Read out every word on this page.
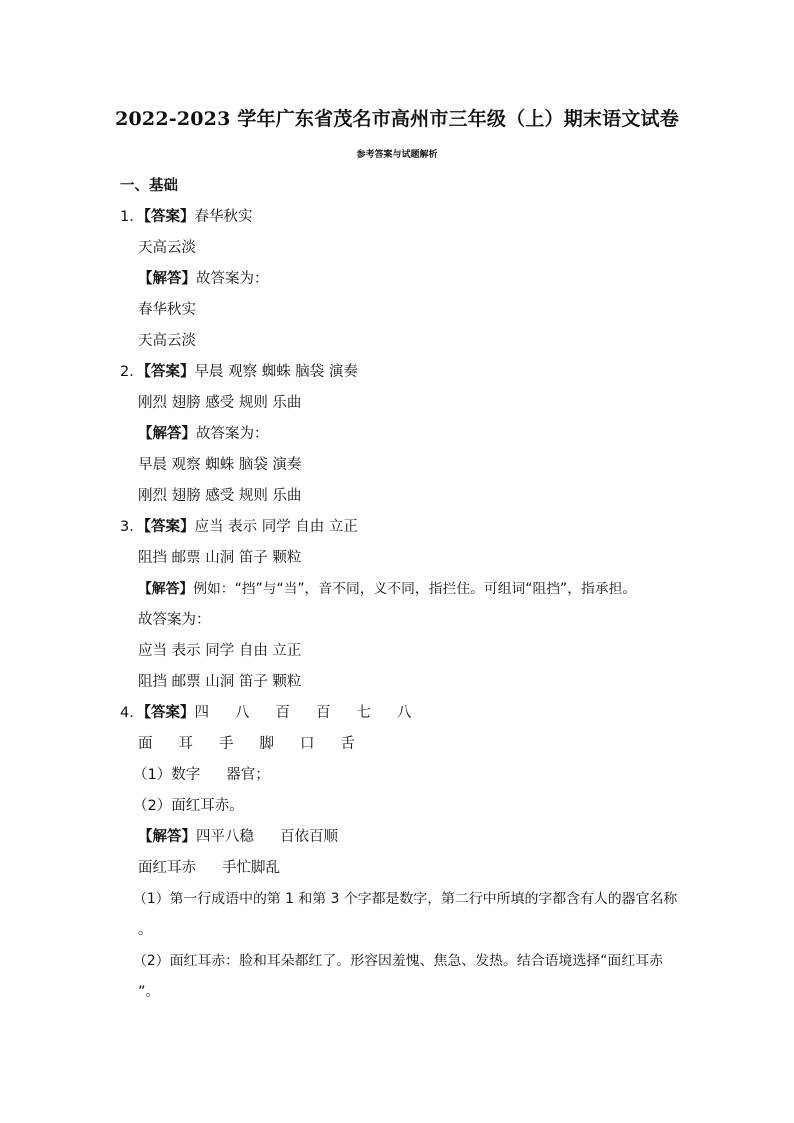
2022-2023 学年广东省茂名市高州市三年级（上）期末语文试卷
参考答案与试题解析
一、基础
1．【答案】春华秋实
天高云淡
【解答】故答案为：
春华秋实
天高云淡
2．【答案】早晨 观察 蜘蛛 脑袋 演奏
刚烈 翅膀 感受 规则 乐曲
【解答】故答案为：
早晨 观察 蜘蛛 脑袋 演奏
刚烈 翅膀 感受 规则 乐曲
3．【答案】应当 表示 同学 自由 立正
阻挡 邮票 山洞 笛子 颗粒
【解答】例如：“挡”与“当”，音不同，义不同，指拦住。可组词“阻挡”，指承担。
故答案为：
应当 表示 同学 自由 立正
阻挡 邮票 山洞 笛子 颗粒
4．【答案】四 八 百 百 七 八
面 耳 手 脚 口 舌
（1）数字 器官；
（2）面红耳赤。
【解答】四平八稳 百依百顺
面红耳赤 手忙脚乱
（1）第一行成语中的第 1 和第 3 个字都是数字，第二行中所填的字都含有人的器官名称
。
（2）面红耳赤：脸和耳朵都红了。形容因羞愧、焦急、发热。结合语境选择“面红耳赤
”。
